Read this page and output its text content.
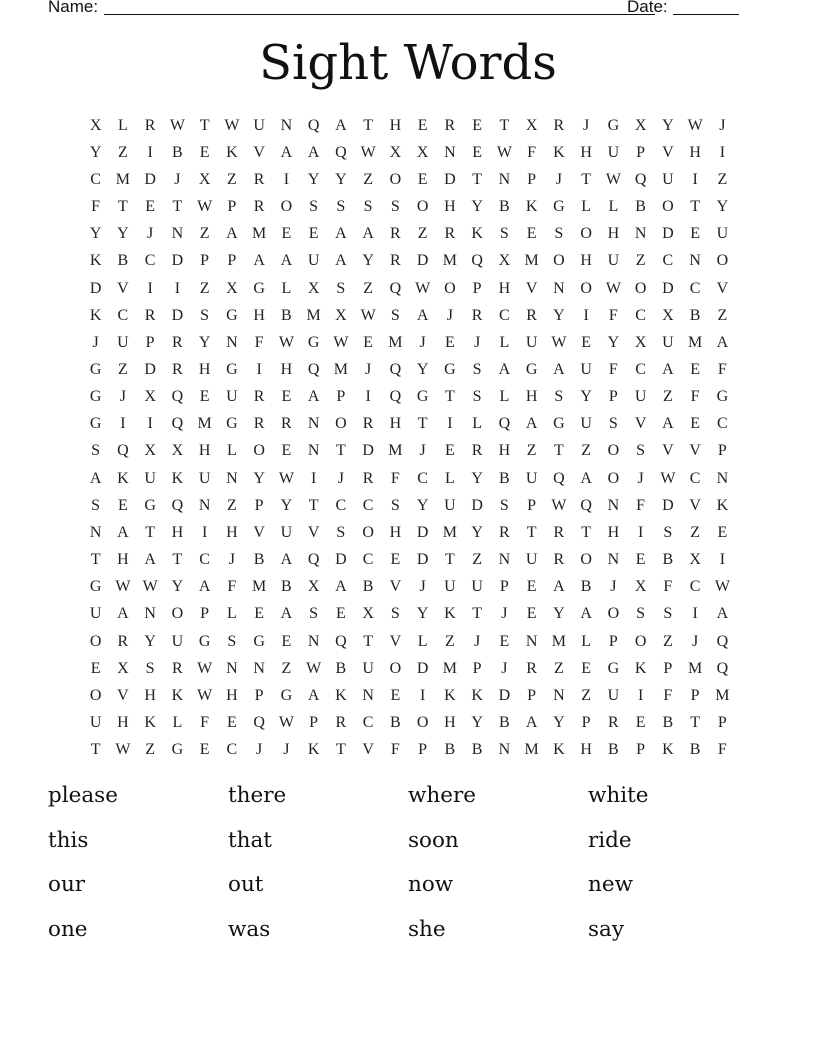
Name:	Date:
Sight Words
X	L	R W T W U N Q A	T	H	E	R	E	T	X	R	J	G X Y W	J
Y	Z	I	B	E	K V A A Q W X X N	E W F	K H U	P	V H	I
C M D	J	X	Z	R	I	Y Y	Z	O	E	D	T	N	P	J	T W Q U	I	Z
F	T	E	T W P	R	O	S	S	S	S	O H Y	B	K G	L	L	B	O	T	Y
Y Y	J	N	Z	A M E	E	A A	R	Z	R	K	S	E	S	O H N D	E	U
K	B	C	D	P	P	A A U A Y	R	D M Q X M O H U	Z	C	N O
D V	I	I	Z	X G	L	X	S	Z	Q W O	P	H V N O W O D	C	V
K	C	R	D	S	G H	B M X W S	A	J	R	C	R	Y	I	F	C	X	B	Z
J	U	P	R	Y N	F W G W E M	J	E	J	L	U W E	Y X U M A
G	Z	D	R	H G	I	H Q M	J	Q Y G	S	A G A U	F	C	A	E	F
G	J	X Q	E	U	R	E	A	P	I	Q G	T	S	L	H	S	Y	P	U	Z	F	G
G	I	I	Q M G	R	R	N O	R	H	T	I	L	Q A G U	S	V A	E	C
S	Q X X H	L	O	E	N	T	D M	J	E	R	H	Z	T	Z	O	S	V V	P
A K U K U N Y W	I	J	R	F	C	L	Y	B	U Q A O	J	W C	N
S	E	G Q N	Z	P	Y	T	C	C	S	Y U D	S	P W Q N	F	D V K
N A	T	H	I	H V U V	S	O H D M Y	R	T	R	T	H	I	S	Z	E
T	H A	T	C	J	B	A Q D	C	E	D	T	Z	N U	R	O N	E	B	X	I
G W W Y A	F M B	X A	B	V	J	U U	P	E	A	B	J	X	F	C W
U A N O	P	L	E	A	S	E	X	S	Y K	T	J	E	Y A O	S	S	I	A
O	R	Y U G	S	G	E	N Q	T	V	L	Z	J	E	N M L	P	O	Z	J	Q
E	X	S	R W N N	Z W B	U O D M P	J	R	Z	E	G K	P M Q
O V H K W H	P	G A K N	E	I	K K D	P	N	Z	U	I	F	P M
U H K	L	F	E	Q W P	R	C	B	O H Y	B	A Y	P	R	E	B	T	P
T W Z	G	E	C	J	J	K	T	V	F	P	B	B	N M K H	B	P	K	B	F
please	there	where	white
this	that	soon	ride
our	out	now	new
one	was	she	say
